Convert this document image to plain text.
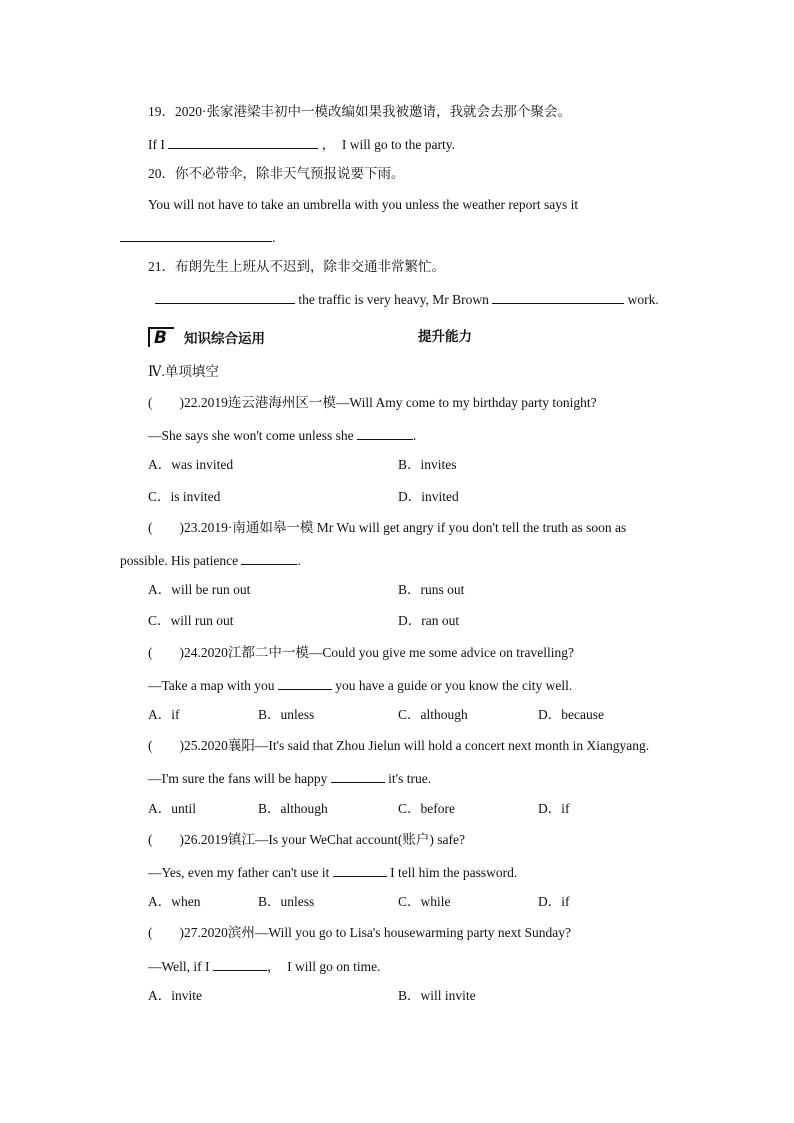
19．2020·张家港梁丰初中一模改编如果我被邀请，我就会去那个聚会。
If I	，　I will go to the party.
20．你不必带伞，除非天气预报说要下雨。
You will not have to take an umbrella with you unless the weather report says it
.
21．布朗先生上班从不迟到，除非交通非常繁忙。
the traffic is very heavy, Mr Brown	work.
B 知识综合运用	提升能力
Ⅳ.单项填空
(　　)22.2019连云港海州区一模—Will Amy come to my birthday party tonight?
—She says she won't come unless she	.
A．was invited	B．invites
C．is invited	D．invited
(　　)23.2019·南通如皋一模 Mr Wu will get angry if you don't tell the truth as soon as
possible. His patience	.
A．will be run out	B．runs out
C．will run out	D．ran out
(　　)24.2020江都二中一模—Could you give me some advice on travelling?
—Take a map with you	you have a guide or you know the city well.
A．if	B．unless	C．although	D．because
(　　)25.2020襄阳—It's said that Zhou Jielun will hold a concert next month in Xiangyang.
—I'm sure the fans will be happy	it's true.
A．until	B．although	C．before	D．if
(　　)26.2019镇江—Is your WeChat account(账户) safe?
—Yes, even my father can't use it	I tell him the password.
A．when	B．unless	C．while	D．if
(　　)27.2020滨州—Will you go to Lisa's housewarming party next Sunday?
—Well, if I	，　I will go on time.
A．invite	B．will invite
